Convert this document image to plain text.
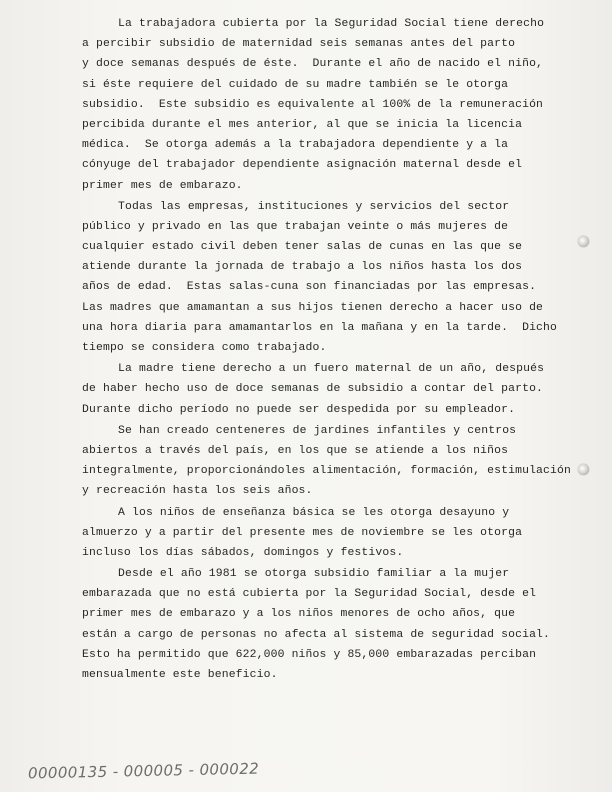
La trabajadora cubierta por la Seguridad Social tiene derecho
a percibir subsidio de maternidad seis semanas antes del parto
y doce semanas después de éste.  Durante el año de nacido el niño,
si éste requiere del cuidado de su madre también se le otorga
subsidio.  Este subsidio es equivalente al 100% de la remuneración
percibida durante el mes anterior, al que se inicia la licencia
médica.  Se otorga además a la trabajadora dependiente y a la
cónyuge del trabajador dependiente asignación maternal desde el
primer mes de embarazo.
Todas las empresas, instituciones y servicios del sector
público y privado en las que trabajan veinte o más mujeres de
cualquier estado civil deben tener salas de cunas en las que se
atiende durante la jornada de trabajo a los niños hasta los dos
años de edad.  Estas salas-cuna son financiadas por las empresas.
Las madres que amamantan a sus hijos tienen derecho a hacer uso de
una hora diaria para amamantarlos en la mañana y en la tarde.  Dicho
tiempo se considera como trabajado.
La madre tiene derecho a un fuero maternal de un año, después
de haber hecho uso de doce semanas de subsidio a contar del parto.
Durante dicho período no puede ser despedida por su empleador.
Se han creado centeneres de jardines infantiles y centros
abiertos a través del país, en los que se atiende a los niños
integralmente, proporcionándoles alimentación, formación, estimulación
y recreación hasta los seis años.
A los niños de enseñanza básica se les otorga desayuno y
almuerzo y a partir del presente mes de noviembre se les otorga
incluso los días sábados, domingos y festivos.
Desde el año 1981 se otorga subsidio familiar a la mujer
embarazada que no está cubierta por la Seguridad Social, desde el
primer mes de embarazo y a los niños menores de ocho años, que
están a cargo de personas no afecta al sistema de seguridad social.
Esto ha permitido que 622,000 niños y 85,000 embarazadas perciban
mensualmente este beneficio.
00000135 - 000005 - 000022
